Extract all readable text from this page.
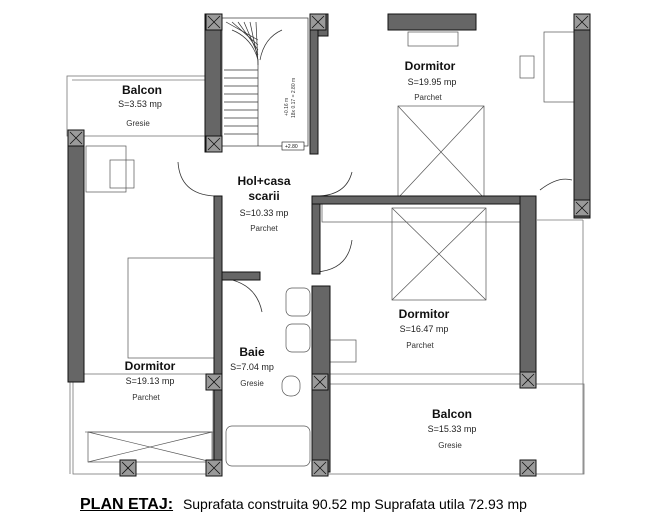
+0.16 m 18x 0.17 = 2.80 m
+2.80
Balcon
S=3.53 mp
Gresie
Dormitor
S=19.95 mp
Parchet
Hol+casa
scarii
S=10.33 mp
Parchet
Dormitor
S=16.47 mp
Parchet
Dormitor
S=19.13 mp
Parchet
Baie
S=7.04 mp
Gresie
Balcon
S=15.33 mp
Gresie
PLAN ETAJ: Suprafata construita 90.52 mp Suprafata utila 72.93 mp
